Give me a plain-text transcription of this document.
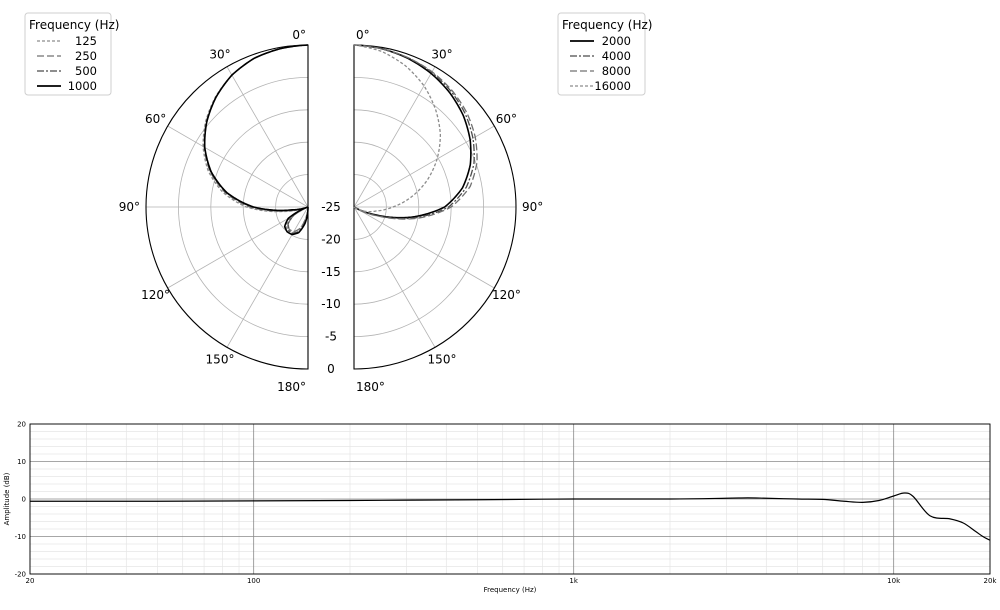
0°
30°
60°
90°
120°
150°
180°
-25
-20
-15
-10
-5
0
0°
30°
60°
90°
120°
150°
180°
20	100	1k	10k	20k
20
10
0
-10
-20
Frequency (Hz)
Amplitude (dB)
Frequency (Hz)
125
250
500
1000
Frequency (Hz)
2000
4000
8000
16000
